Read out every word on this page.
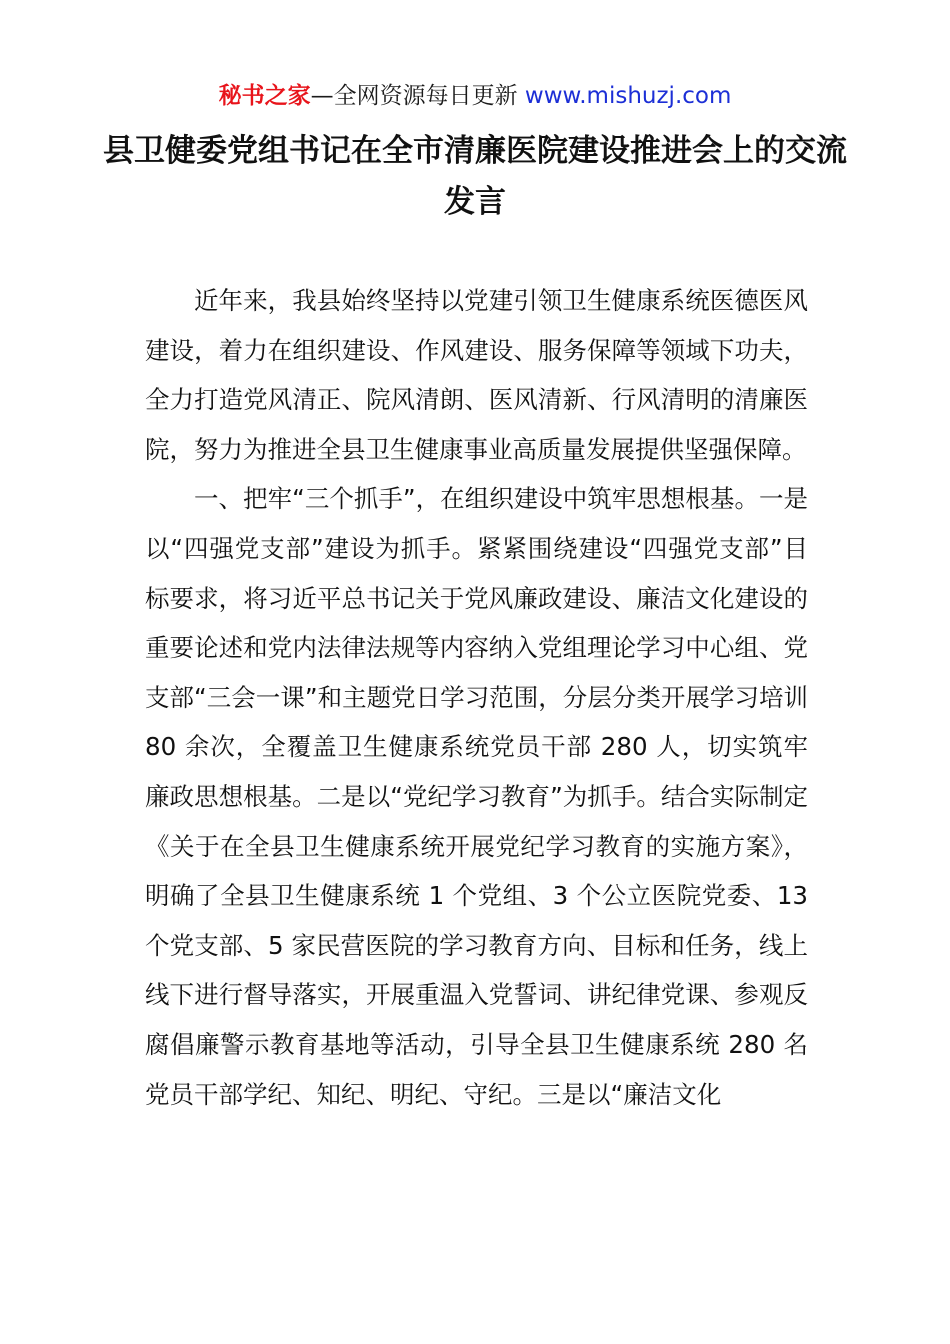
秘书之家—全网资源每日更新 www.mishuzj.com
县卫健委党组书记在全市清廉医院建设推进会上的交流发言

近年来，我县始终坚持以党建引领卫生健康系统医德医风建设，着力在组织建设、作风建设、服务保障等领域下功夫，全力打造党风清正、院风清朗、医风清新、行风清明的清廉医院，努力为推进全县卫生健康事业高质量发展提供坚强保障。

一、把牢“三个抓手”，在组织建设中筑牢思想根基。一是以“四强党支部”建设为抓手。紧紧围绕建设“四强党支部”目标要求，将习近平总书记关于党风廉政建设、廉洁文化建设的重要论述和党内法律法规等内容纳入党组理论学习中心组、党支部“三会一课”和主题党日学习范围，分层分类开展学习培训 80 余次，全覆盖卫生健康系统党员干部 280 人，切实筑牢廉政思想根基。二是以“党纪学习教育”为抓手。结合实际制定《关于在全县卫生健康系统开展党纪学习教育的实施方案》，明确了全县卫生健康系统 1 个党组、3 个公立医院党委、13 个党支部、5 家民营医院的学习教育方向、目标和任务，线上线下进行督导落实，开展重温入党誓词、讲纪律党课、参观反腐倡廉警示教育基地等活动，引导全县卫生健康系统 280 名党员干部学纪、知纪、明纪、守纪。三是以“廉洁文化
